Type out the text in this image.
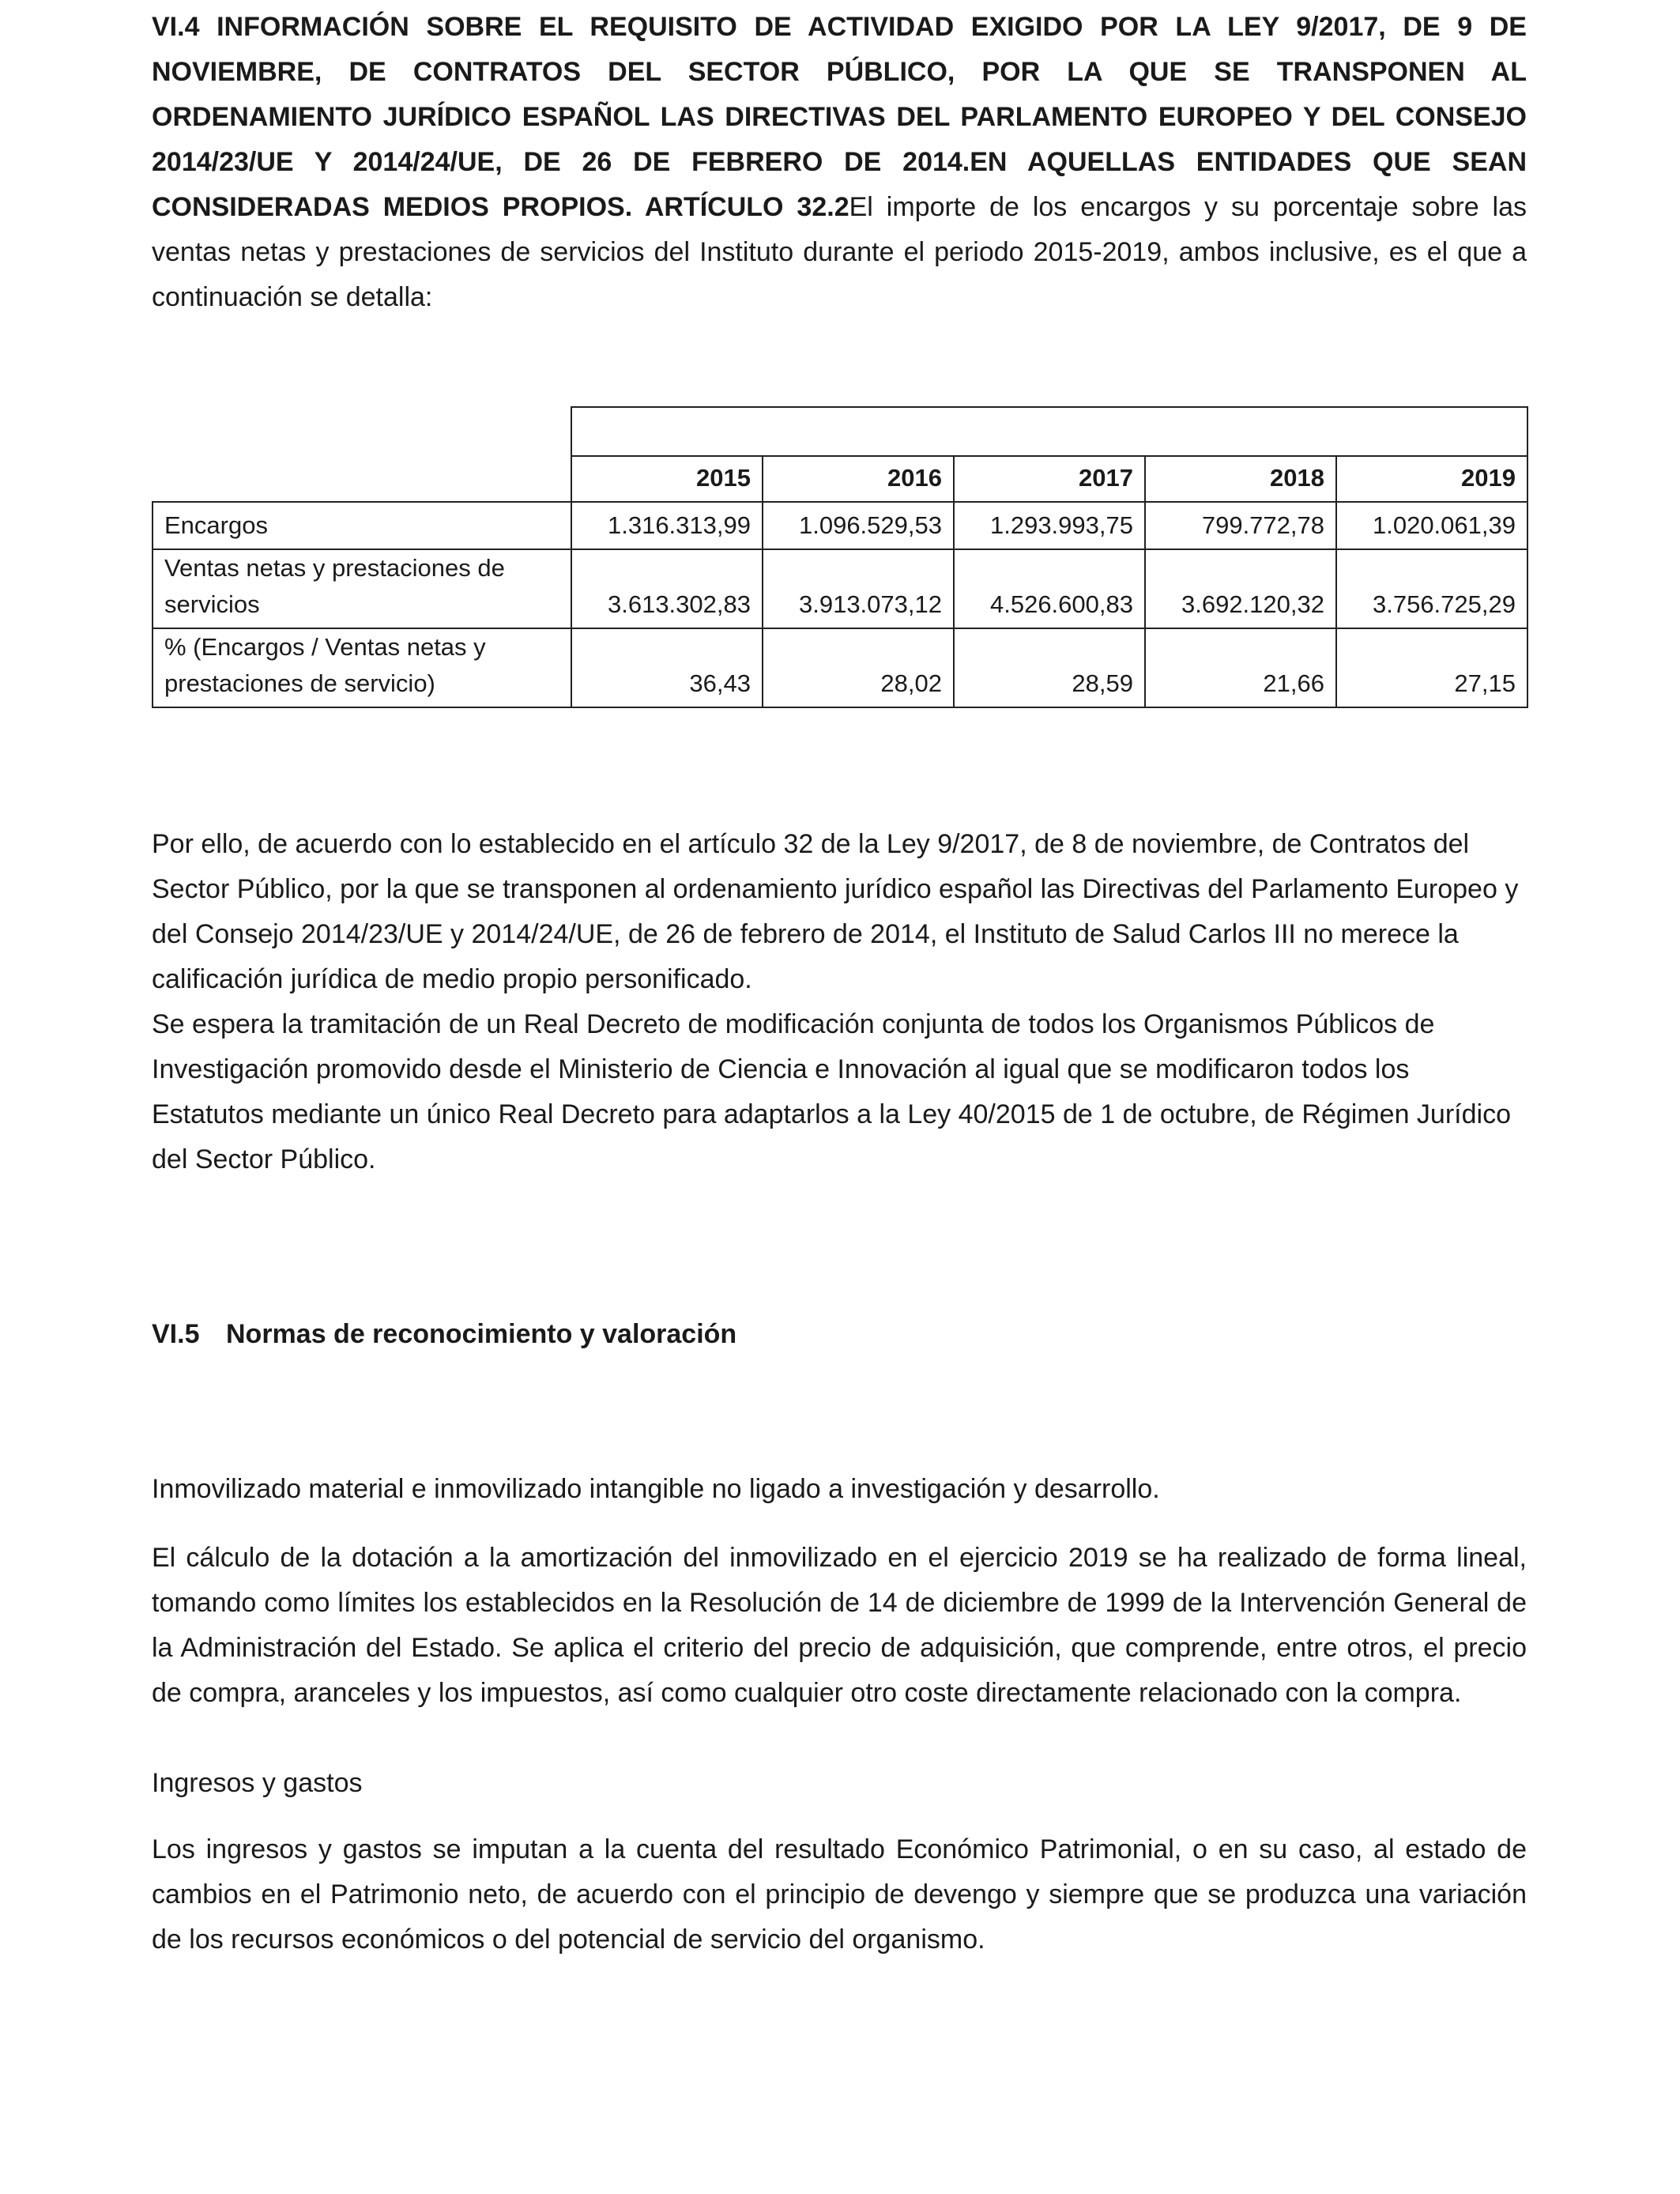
VI.4 INFORMACIÓN SOBRE EL REQUISITO DE ACTIVIDAD EXIGIDO POR LA LEY 9/2017, DE 9 DE NOVIEMBRE, DE CONTRATOS DEL SECTOR PÚBLICO, POR LA QUE SE TRANSPONEN AL ORDENAMIENTO JURÍDICO ESPAÑOL LAS DIRECTIVAS DEL PARLAMENTO EUROPEO Y DEL CONSEJO 2014/23/UE Y 2014/24/UE, DE 26 DE FEBRERO DE 2014.EN AQUELLAS ENTIDADES QUE SEAN CONSIDERADAS MEDIOS PROPIOS. ARTÍCULO 32.2El importe de los encargos y su porcentaje sobre las ventas netas y prestaciones de servicios del Instituto durante el periodo 2015-2019, ambos inclusive, es el que a continuación se detalla:

	2015	2016	2017	2018	2019
Encargos	1.316.313,99	1.096.529,53	1.293.993,75	799.772,78	1.020.061,39
Ventas netas y prestaciones de servicios	3.613.302,83	3.913.073,12	4.526.600,83	3.692.120,32	3.756.725,29
% (Encargos / Ventas netas y prestaciones de servicio)	36,43	28,02	28,59	21,66	27,15

Por ello, de acuerdo con lo establecido en el artículo 32 de la Ley 9/2017, de 8 de noviembre, de Contratos del Sector Público, por la que se transponen al ordenamiento jurídico español las Directivas del Parlamento Europeo y del Consejo 2014/23/UE y 2014/24/UE, de 26 de febrero de 2014, el Instituto de Salud Carlos III no merece la calificación jurídica de medio propio personificado.

Se espera la tramitación de un Real Decreto de modificación conjunta de todos los Organismos Públicos de Investigación promovido desde el Ministerio de Ciencia e Innovación al igual que se modificaron todos los Estatutos mediante un único Real Decreto para adaptarlos a la Ley 40/2015 de 1 de octubre, de Régimen Jurídico del Sector Público.

VI.5 Normas de reconocimiento y valoración

Inmovilizado material e inmovilizado intangible no ligado a investigación y desarrollo.

El cálculo de la dotación a la amortización del inmovilizado en el ejercicio 2019 se ha realizado de forma lineal, tomando como límites los establecidos en la Resolución de 14 de diciembre de 1999 de la Intervención General de la Administración del Estado. Se aplica el criterio del precio de adquisición, que comprende, entre otros, el precio de compra, aranceles y los impuestos, así como cualquier otro coste directamente relacionado con la compra.

Ingresos y gastos

Los ingresos y gastos se imputan a la cuenta del resultado Económico Patrimonial, o en su caso, al estado de cambios en el Patrimonio neto, de acuerdo con el principio de devengo y siempre que se produzca una variación de los recursos económicos o del potencial de servicio del organismo.
